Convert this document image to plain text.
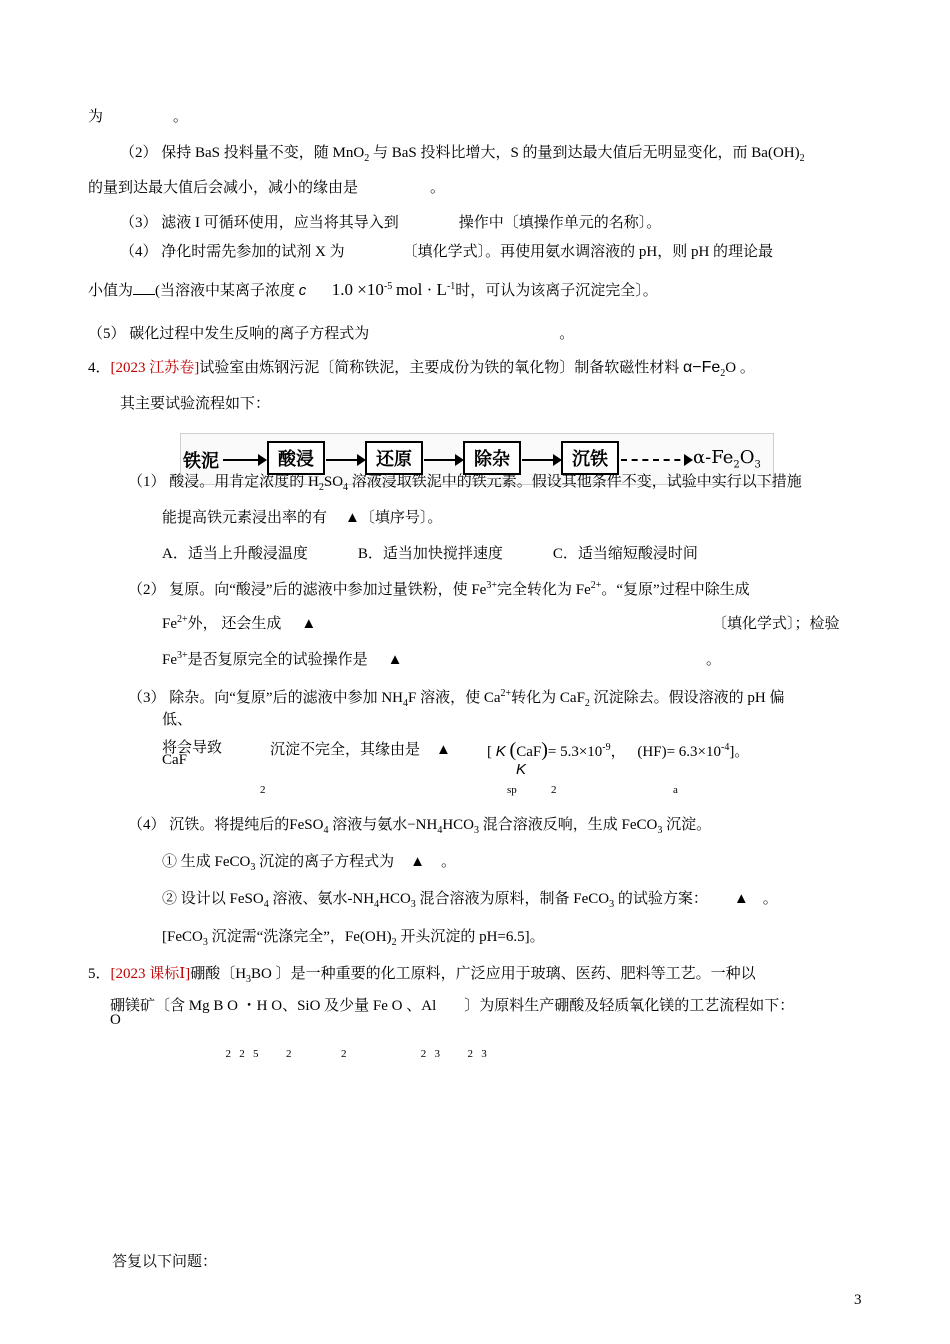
为	。
（2） 保持 BaS 投料量不变，随 MnO$_2$ 与 BaS 投料比增大，S 的量到达最大值后无明显变化，而 $Ba(OH)_2$
的量到达最大值后会减小，减小的缘由是	。
（3） 滤液 I 可循环使用，应当将其导入到	操作中〔填操作单元的名称〕。
（4） 净化时需先参加的试剂 X 为	〔填化学式〕。再使用氨水调溶液的 pH，则 pH 的理论最
小值为 (当溶液中某离子浓度 c $1.0 \times 10^{-5}$ mol · $L^{-1}$时，可认为该离子沉淀完全〕。
（5） 碳化过程中发生反响的离子方程式为	。
4．[2023 江苏卷]试验室由炼钢污泥〔简称铁泥，主要成份为铁的氧化物〕制备软磁性材料 $\alpha-Fe_2O$ 。
其主要试验流程如下：
铁泥	酸浸	还原	除杂	沉铁	$\alpha-Fe_2O_3$
（1） 酸浸。用肯定浓度的 $H_2SO_4$ 溶液浸取铁泥中的铁元素。假设其他条件不变，试验中实行以下措施
能提高铁元素浸出率的有 ▲〔填序号〕。
A．适当上升酸浸温度	B．适当加快搅拌速度	C．适当缩短酸浸时间
（2） 复原。向“酸浸”后的滤液中参加过量铁粉，使 $Fe^{3+}$完全转化为 $Fe^{2+}$。“复原”过程中除生成
$Fe^{2+}$外， 还会生成 ▲	〔填化学式〕；检验
$Fe^{3+}$是否复原完全的试验操作是 ▲	。
（3） 除杂。向“复原”后的滤液中参加 $NH_4F$ 溶液，使 $Ca^{2+}$转化为 CaF$_2$ 沉淀除去。假设溶液的 pH 偏
低、
将会导致
CaF
沉淀不完全，其缘由是 ▲ [ K $(CaF)= 5.3\times 10^{-9}$， $(HF)= 6.3\times 10^{-4}$]。
K
2	sp	2	a
（4） 沉铁。将提纯后的FeSO$_4$ 溶液与氨水$-NH_4HCO_3$ 混合溶液反响，生成 FeCO$_3$ 沉淀。
① 生成 FeCO$_3$ 沉淀的离子方程式为 ▲ 。
② 设计以 FeSO$_4$ 溶液、氨水$-NH_4HCO_3$ 混合溶液为原料，制备 FeCO$_3$ 的试验方案： ▲ 。
[FeCO$_3$ 沉淀需“洗涤完全”，$Fe(OH)_2$ 开头沉淀的 pH=6.5]。
5．[2023 课标Ⅰ]硼酸〔$H_3BO$ 〕是一种重要的化工原料，广泛应用于玻璃、医药、肥料等工艺。一种以
硼镁矿〔含 Mg B O ・H O、SiO 及少量 Fe O 、Al 〕为原料生产硼酸及轻质氧化镁的工艺流程如下：
O

2   2   5          2                  2                           2   3          2   3

答复以下问题：
3
